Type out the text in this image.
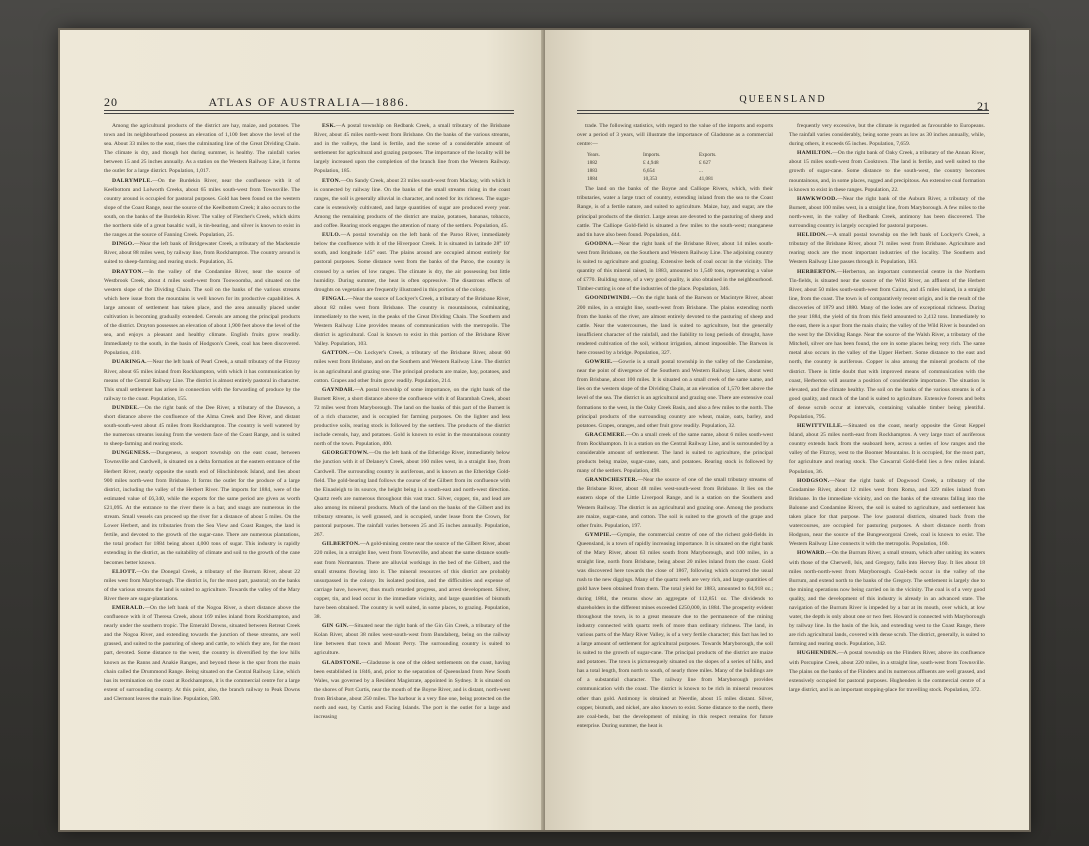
20	ATLAS OF AUSTRALIA—1886.

Among the agricultural products of the district are hay, maize, and potatoes. The town and its neighbourhood possess an elevation of 1,100 feet above the level of the sea. About 33 miles to the east, rises the culminating line of the Great Dividing Chain. The climate is dry, and though hot during summer, is healthy. The rainfall varies between 15 and 25 inches annually. As a station on the Western Railway Line, it forms the outlet for a large district. Population, 1,017.

DALRYMPLE.—On the Burdekin River, near the confluence with it of Keelbottom and Lolworth Creeks, about 65 miles south-west from Townsville. The country around is occupied for pastoral purposes. Gold has been found on the western slope of the Coast Range, near the source of the Keelbottom Creek; it also occurs to the south, on the banks of the Burdekin River. The valley of Fletcher's Creek, which skirts the northern side of a great basaltic wall, is tin-bearing, and silver is known to exist in the ranges at the source of Fanning Creek. Population, 25.

DINGO.—Near the left bank of Bridgewater Creek, a tributary of the Mackenzie River, about 88 miles west, by railway line, from Rockhampton. The country around is suited to sheep-farming and rearing stock. Population, 35.

DRAYTON.—In the valley of the Condamine River, near the source of Westbrook Creek, about 4 miles south-west from Toowoomba, and situated on the western slope of the Dividing Chain. The soil on the banks of the various streams which here issue from the mountains is well known for its productive capabilities. A large amount of settlement has taken place, and the area annually placed under cultivation is becoming gradually extended. Cereals are among the principal products of the district. Drayton possesses an elevation of about 1,900 feet above the level of the sea, and enjoys a pleasant and healthy climate. English fruits grow readily. Immediately to the south, in the basin of Hodgson's Creek, coal has been discovered. Population, 410.

DUARINGA.—Near the left bank of Pearl Creek, a small tributary of the Fitzroy River, about 65 miles inland from Rockhampton, with which it has communication by means of the Central Railway Line. The district is almost entirely pastoral in character. This small settlement has arisen in connection with the forwarding of produce by the railway to the coast. Population, 155.

DUNDEE.—On the right bank of the Dee River, a tributary of the Dawson, a short distance above the confluence of the Alma Creek and Dee River, and distant south-south-west about 45 miles from Rockhampton. The country is well watered by the numerous streams issuing from the western face of the Coast Range, and is suited to sheep-farming and rearing stock.

DUNGENESS.—Dungeness, a seaport township on the east coast, between Townsville and Cardwell, is situated on a delta formation at the eastern entrance of the Herbert River, nearly opposite the south end of Hinchinbrook Island, and lies about 900 miles north-west from Brisbane. It forms the outlet for the produce of a large district, including the valley of the Herbert River. The imports for 1884, were of the estimated value of £6,340, while the exports for the same period are given as worth £21,095. At the entrance to the river there is a bar, and snags are numerous in the stream. Small vessels can proceed up the river for a distance of about 5 miles. On the Lower Herbert, and its tributaries from the Sea View and Coast Ranges, the land is fertile, and devoted to the growth of the sugar-cane. There are numerous plantations, the total product for 1884 being about 4,000 tons of sugar. This industry is rapidly extending in the district, as the suitability of climate and soil to the growth of the cane becomes better known.

ELIOTT.—On the Donegal Creek, a tributary of the Burrum River, about 22 miles west from Maryborough. The district is, for the most part, pastoral; on the banks of the various streams the land is suited to agriculture. Towards the valley of the Mary River there are sugar-plantations.

EMERALD.—On the left bank of the Nogoa River, a short distance above the confluence with it of Theresa Creek, about 169 miles inland from Rockhampton, and nearly under the southern tropic. The Emerald Downs, situated between Retreat Creek and the Nogoa River, and extending towards the junction of these streams, are well grassed, and suited to the pasturing of sheep and cattle, to which they are, for the most part, devoted. Some distance to the west, the country is diversified by the low hills known as the Ranns and Anakie Ranges, and beyond these is the spur from the main chain called the Drummond Range. Being situated on the Central Railway Line, which has its termination on the coast at Rockhampton, it is the commercial centre for a large extent of surrounding country. At this point, also, the branch railway to Peak Downs and Clermont leaves the main line. Population, 580.

ESK.—A postal township on Redbank Creek, a small tributary of the Brisbane River, about 45 miles north-west from Brisbane. On the banks of the various streams, and in the valleys, the land is fertile, and the scene of a considerable amount of settlement for agricultural and grazing purposes. The importance of the locality will be largely increased upon the completion of the branch line from the Western Railway. Population, 185.

ETON.—On Sandy Creek, about 23 miles south-west from Mackay, with which it is connected by railway line. On the banks of the small streams rising in the coast ranges, the soil is generally alluvial in character, and noted for its richness. The sugar-cane is extensively cultivated, and large quantities of sugar are produced every year. Among the remaining products of the district are maize, potatoes, bananas, tobacco, and coffee. Rearing stock engages the attention of many of the settlers. Population, 45.

EULO.—A postal township on the left bank of the Paroo River, immediately below the confluence with it of the Hiverpoor Creek. It is situated in latitude 28° 10' south, and longitude 145° east. The plains around are occupied almost entirely for pastoral purposes. Some distance west from the banks of the Paroo, the country is crossed by a series of low ranges. The climate is dry, the air possessing but little humidity. During summer, the heat is often oppressive. The disastrous effects of droughts on vegetation are frequently illustrated in this portion of the colony.

FINGAL.—Near the source of Lockyer's Creek, a tributary of the Brisbane River, about 82 miles west from Brisbane. The country is mountainous, culminating, immediately to the west, in the peaks of the Great Dividing Chain. The Southern and Western Railway Line provides means of communication with the metropolis. The district is agricultural. Coal is known to exist in this portion of the Brisbane River Valley. Population, 103.

GATTON.—On Lockyer's Creek, a tributary of the Brisbane River, about 60 miles west from Brisbane, and on the Southern and Western Railway Line. The district is an agricultural and grazing one. The principal products are maize, hay, potatoes, and cotton. Grapes and other fruits grow readily. Population, 214.

GAYNDAH.—A postal township of some importance, on the right bank of the Burnett River, a short distance above the confluence with it of Barambah Creek, about 72 miles west from Maryborough. The land on the banks of this part of the Burnett is of a rich character, and is occupied for farming purposes. On the lighter and less productive soils, rearing stock is followed by the settlers. The products of the district include cereals, hay, and potatoes. Gold is known to exist in the mountainous country north of the town. Population, 400.

GEORGETOWN.—On the left bank of the Etheridge River, immediately below the junction with it of Delaney's Creek, about 160 miles west, in a straight line, from Cardwell. The surrounding country is auriferous, and is known as the Etheridge Gold-field. The gold-bearing land follows the course of the Gilbert from its confluence with the Einasleigh to its source, the height being in a south-east and north-west direction. Quartz reefs are numerous throughout this vast tract. Silver, copper, tin, and lead are also among its mineral products. Much of the land on the banks of the Gilbert and its tributary streams, is well grassed, and is occupied, under lease from the Crown, for pastoral purposes. The rainfall varies between 25 and 35 inches annually. Population, 267.

GILBERTON.—A gold-mining centre near the source of the Gilbert River, about 220 miles, in a straight line, west from Townsville, and about the same distance south-east from Normanton. There are alluvial workings in the bed of the Gilbert, and the small streams flowing into it. The mineral resources of this district are probably unsurpassed in the colony. Its isolated position, and the difficulties and expense of carriage have, however, thus much retarded progress, and arrest development. Silver, copper, tin, and lead occur in the immediate vicinity, and large quantities of bismuth have been obtained. The country is well suited, in some places, to grazing. Population, 38.

GIN GIN.—Situated near the right bank of the Gin Gin Creek, a tributary of the Kolan River, about 38 miles west-south-west from Bundaberg, being on the railway line between that town and Mount Perry. The surrounding country is suited to agriculture.

GLADSTONE.—Gladstone is one of the oldest settlements on the coast, having been established in 1846, and, prior to the separation of Queensland from New South Wales, was governed by a Resident Magistrate, appointed in Sydney. It is situated on the shores of Port Curtis, near the mouth of the Boyne River, and is distant, north-west from Brisbane, about 250 miles. The harbour is a very fine one, being protected on the north and east, by Curtis and Facing Islands. The port is the outlet for a large and increasing

QUEENSLAND	21

trade. The following statistics, with regard to the value of the imports and exports over a period of 3 years, will illustrate the importance of Gladstone as a commercial centre:—

Years.	Imports.	Exports.
1882	£ 4,948	£ 627
1883	6,654	...
1884	10,353	41,081

The land on the banks of the Boyne and Calliope Rivers, which, with their tributaries, water a large tract of country, extending inland from the sea to the Coast Range, is of a fertile nature, and suited to agriculture. Maize, hay, and sugar, are the principal products of the district. Large areas are devoted to the pasturing of sheep and cattle. The Calliope Gold-field is situated a few miles to the south-west; manganese and tin have also been found. Population, 444.

GOODNA.—Near the right bank of the Brisbane River, about 14 miles south-west from Brisbane, on the Southern and Western Railway Line. The adjoining country is suited to agriculture and grazing. Extensive beds of coal occur in the vicinity. The quantity of this mineral raised, in 1883, amounted to 1,540 tons, representing a value of £770. Building stone, of a very good quality, is also obtained in the neighbourhood. Timber-cutting is one of the industries of the place. Population, 346.

GOONDIWINDI.—On the right bank of the Barwon or Macintyre River, about 200 miles, in a straight line, south-west from Brisbane. The plains extending north from the banks of the river, are almost entirely devoted to the pasturing of sheep and cattle. Near the watercourses, the land is suited to agriculture, but the generally insufficient character of the rainfall, and the liability to long periods of drought, have rendered cultivation of the soil, without irrigation, almost impossible. The Barwon is here crossed by a bridge. Population, 327.

GOWRIE.—Gowrie is a small postal township in the valley of the Condamine, near the point of divergence of the Southern and Western Railway Lines, about west from Brisbane, about 100 miles. It is situated on a small creek of the same name, and lies on the western slope of the Dividing Chain, at an elevation of 1,570 feet above the level of the sea. The district is an agricultural and grazing one. There are extensive coal formations to the west, in the Oaky Creek Basin, and also a few miles to the north. The principal products of the surrounding country are wheat, maize, oats, barley, and potatoes. Grapes, oranges, and other fruit grow readily. Population, 32.

GRACEMERE.—On a small creek of the same name, about 6 miles south-west from Rockhampton. It is a station on the Central Railway Line, and is surrounded by a considerable amount of settlement. The land is suited to agriculture, the principal products being maize, sugar-cane, oats, and potatoes. Rearing stock is followed by many of the settlers. Population, 498.

GRANDCHESTER.—Near the source of one of the small tributary streams of the Brisbane River, about 48 miles west-south-west from Brisbane. It lies on the eastern slope of the Little Liverpool Range, and is a station on the Southern and Western Railway. The district is an agricultural and grazing one. Among the products are maize, sugar-cane, and cotton. The soil is suited to the growth of the grape and other fruits. Population, 197.

GYMPIE.—Gympie, the commercial centre of one of the richest gold-fields in Queensland, is a town of rapidly increasing importance. It is situated on the right bank of the Mary River, about 63 miles south from Maryborough, and 100 miles, in a straight line, north from Brisbane, being about 20 miles inland from the coast. Gold was discovered here towards the close of 1867, following which occurred the usual rush to the new diggings. Many of the quartz reefs are very rich, and large quantities of gold have been obtained from them. The total yield for 1883, amounted to 64,918 oz.; during 1884, the returns show an aggregate of 112,851 oz. The dividends to shareholders in the different mines exceeded £250,000, in 1884. The prosperity evident throughout the town, is to a great measure due to the permanence of the mining industry connected with quartz reefs of more than ordinary richness. The land, in various parts of the Mary River Valley, is of a very fertile character; this fact has led to a large amount of settlement for agricultural purposes. Towards Maryborough, the soil is suited to the growth of sugar-cane. The principal products of the district are maize and potatoes. The town is picturesquely situated on the slopes of a series of hills, and has a total length, from north to south, of nearly three miles. Many of the buildings are of a substantial character. The railway line from Maryborough provides communication with the coast. The district is known to be rich in mineral resources other than gold. Antimony is obtained at Neerdie, about 15 miles distant. Silver, copper, bismuth, and nickel, are also known to exist. Some distance to the north, there are coal-beds, but the development of mining in this respect remains for future enterprise. During summer, the heat is

frequently very excessive, but the climate is regarded as favourable to Europeans. The rainfall varies considerably, being some years as low as 30 inches annually, while, during others, it exceeds 65 inches. Population, 7,659.

HAMILTON.—On the right bank of Oaky Creek, a tributary of the Annan River, about 15 miles south-west from Cooktown. The land is fertile, and well suited to the growth of sugar-cane. Some distance to the south-west, the country becomes mountainous, and, in some places, rugged and precipitous. An extensive coal formation is known to exist in these ranges. Population, 22.

HAWKWOOD.—Near the right bank of the Auburn River, a tributary of the Burnett, about 100 miles west, in a straight line, from Maryborough. A few miles to the north-west, in the valley of Redbank Creek, antimony has been discovered. The surrounding country is largely occupied for pastoral purposes.

HELIDON.—A small postal township on the left bank of Lockyer's Creek, a tributary of the Brisbane River, about 71 miles west from Brisbane. Agriculture and rearing stock are the most important industries of the locality. The Southern and Western Railway Line passes through it. Population, 183.

HERBERTON.—Herberton, an important commercial centre in the Northern Tin-fields, is situated near the source of the Wild River, an affluent of the Herbert River, about 50 miles south-south-west from Cairns, and 45 miles inland, in a straight line, from the coast. The town is of comparatively recent origin, and is the result of the discoveries of 1879 and 1880. Many of the lodes are of exceptional richness. During the year 1884, the yield of tin from this field amounted to 2,412 tons. Immediately to the east, there is a spur from the main chain; the valley of the Wild River is bounded on the west by the Dividing Range. Near the source of the Walsh River, a tributary of the Mitchell, silver ore has been found, the ore in some places being very rich. The same metal also occurs in the valley of the Upper Herbert. Some distance to the east and north, the country is auriferous. Copper is also among the mineral products of the district. There is little doubt that with improved means of communication with the coast, Herberton will assume a position of considerable importance. The situation is elevated, and the climate healthy. The soil on the banks of the various streams is of a good quality, and much of the land is suited to agriculture. Extensive forests and belts of dense scrub occur at intervals, containing valuable timber being plentiful. Population, 795.

HEWITTVILLE.—Situated on the coast, nearly opposite the Great Keppel Island, about 25 miles north-east from Rockhampton. A very large tract of auriferous country extends back from the seaboard here, across a series of low ranges and the valley of the Fitzroy, west to the Boomer Mountains. It is occupied, for the most part, for agriculture and rearing stock. The Cawarral Gold-field lies a few miles inland. Population, 36.

HODGSON.—Near the right bank of Dogwood Creek, a tributary of the Condamine River, about 12 miles west from Roma, and 329 miles inland from Brisbane. In the immediate vicinity, and on the banks of the streams falling into the Balonne and Condamine Rivers, the soil is suited to agriculture, and settlement has taken place for that purpose. The low pastoral districts, situated back from the watercourses, are occupied for pasturing purposes. A short distance north from Hodgson, near the source of the Bungeworgorai Creek, coal is known to exist. The Western Railway Line connects it with the metropolis. Population, 160.

HOWARD.—On the Burrum River, a small stream, which after uniting its waters with those of the Cherwell, Isis, and Gregory, falls into Hervey Bay. It lies about 18 miles north-north-west from Maryborough. Coal-beds occur in the valley of the Burrum, and extend north to the banks of the Gregory. The settlement is largely due to the mining operations now being carried on in the vicinity. The coal is of a very good quality, and the development of this industry is already in an advanced state. The navigation of the Burrum River is impeded by a bar at its mouth, over which, at low water, the depth is only about one or two feet. Howard is connected with Maryborough by railway line. In the basin of the Isis, and extending west to the Coast Range, there are rich agricultural lands, covered with dense scrub. The district, generally, is suited to farming and rearing stock. Population, 342.

HUGHENDEN.—A postal township on the Flinders River, above its confluence with Porcupine Creek, about 220 miles, in a straight line, south-west from Townsville. The plains on the banks of the Flinders and its numerous affluents are well grassed, and extensively occupied for pastoral purposes. Hughenden is the commercial centre of a large district, and is an important stopping-place for travelling stock. Population, 372.
